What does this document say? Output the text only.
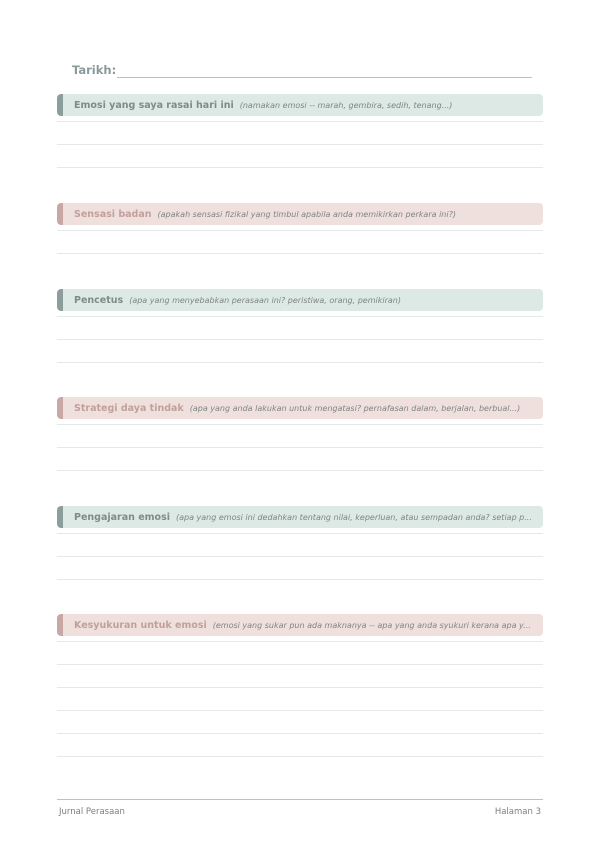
Tarikh:
Emosi yang saya rasai hari ini (namakan emosi -- marah, gembira, sedih, tenang...)
Sensasi badan (apakah sensasi fizikal yang timbul apabila anda memikirkan perkara ini?)
Pencetus (apa yang menyebabkan perasaan ini? peristiwa, orang, pemikiran)
Strategi daya tindak (apa yang anda lakukan untuk mengatasi? pernafasan dalam, berjalan, berbual...)
Pengajaran emosi (apa yang emosi ini dedahkan tentang nilai, keperluan, atau sempadan anda? setiap p...
Kesyukuran untuk emosi (emosi yang sukar pun ada maknanya -- apa yang anda syukuri kerana apa y...
Jurnal Perasaan	Halaman 3
